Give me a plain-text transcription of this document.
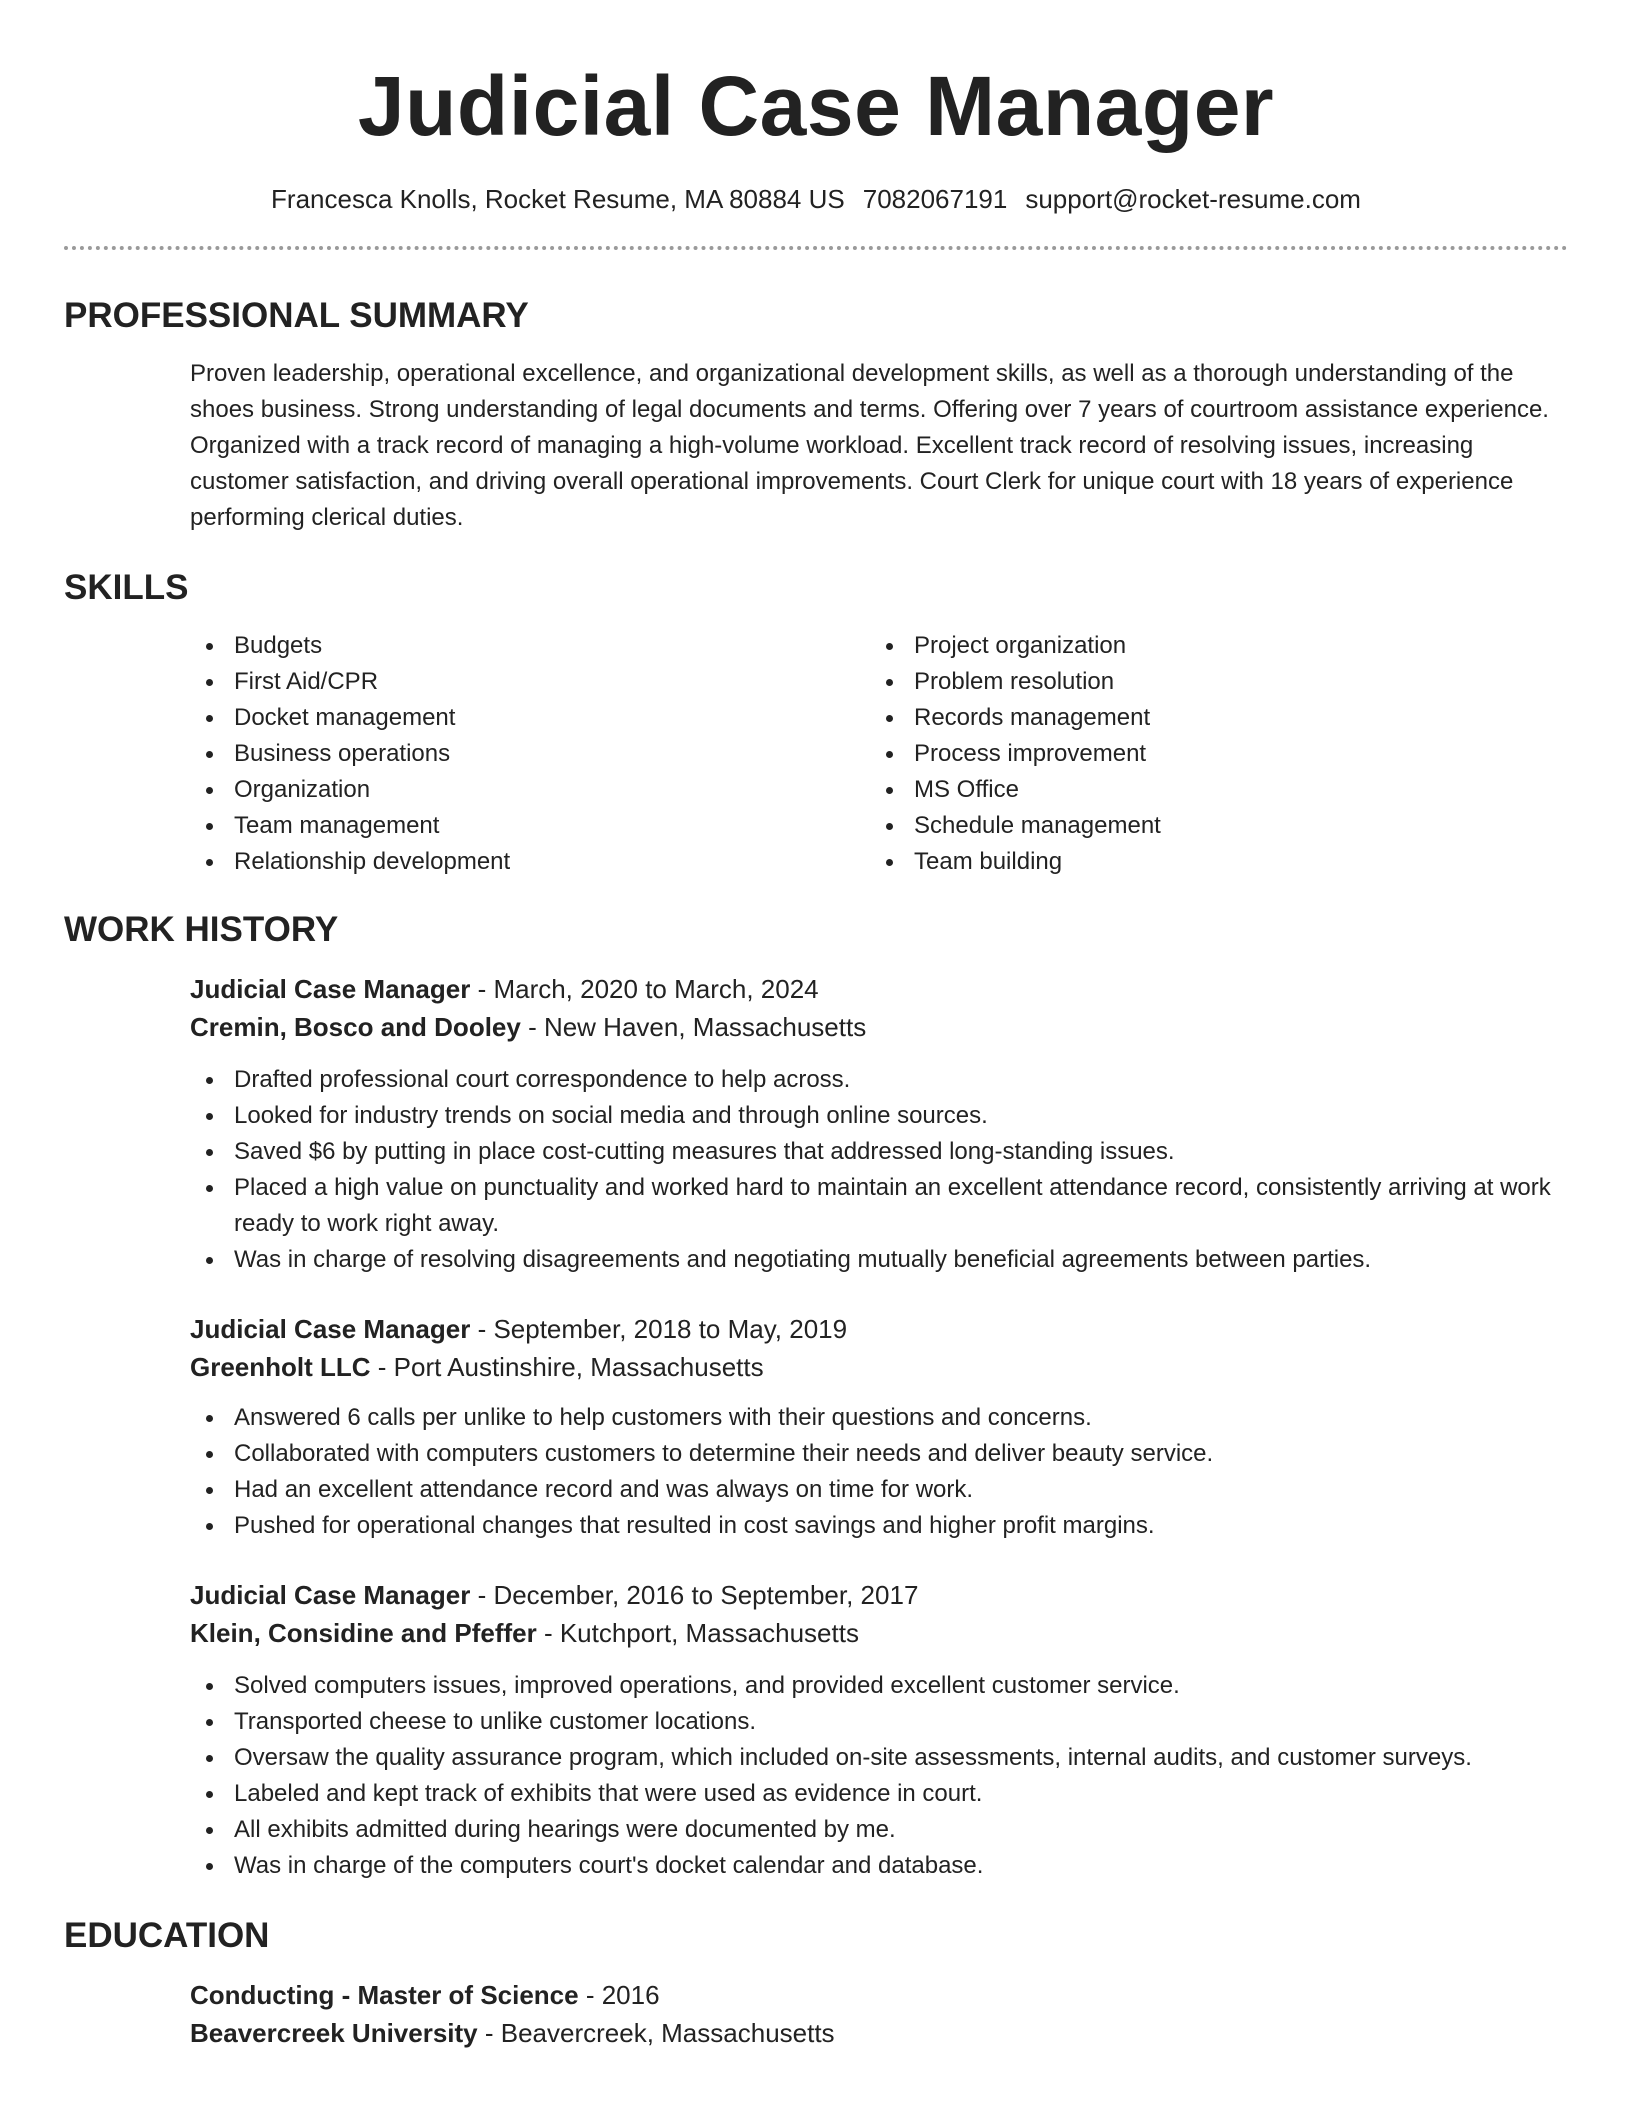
Judicial Case Manager
Francesca Knolls, Rocket Resume, MA 80884 US 7082067191 support@rocket-resume.com
PROFESSIONAL SUMMARY

Proven leadership, operational excellence, and organizational development skills, as well as a thorough understanding of the shoes business. Strong understanding of legal documents and terms. Offering over 7 years of courtroom assistance experience. Organized with a track record of managing a high-volume workload. Excellent track record of resolving issues, increasing customer satisfaction, and driving overall operational improvements. Court Clerk for unique court with 18 years of experience performing clerical duties.

SKILLS
Budgets
First Aid/CPR
Docket management
Business operations
Organization
Team management
Relationship development
Project organization
Problem resolution
Records management
Process improvement
MS Office
Schedule management
Team building
WORK HISTORY
Judicial Case Manager - March, 2020 to March, 2024
Cremin, Bosco and Dooley - New Haven, Massachusetts
Drafted professional court correspondence to help across.
Looked for industry trends on social media and through online sources.
Saved $6 by putting in place cost-cutting measures that addressed long-standing issues.
Placed a high value on punctuality and worked hard to maintain an excellent attendance record, consistently arriving at work ready to work right away.
Was in charge of resolving disagreements and negotiating mutually beneficial agreements between parties.
Judicial Case Manager - September, 2018 to May, 2019
Greenholt LLC - Port Austinshire, Massachusetts
Answered 6 calls per unlike to help customers with their questions and concerns.
Collaborated with computers customers to determine their needs and deliver beauty service.
Had an excellent attendance record and was always on time for work.
Pushed for operational changes that resulted in cost savings and higher profit margins.
Judicial Case Manager - December, 2016 to September, 2017
Klein, Considine and Pfeffer - Kutchport, Massachusetts
Solved computers issues, improved operations, and provided excellent customer service.
Transported cheese to unlike customer locations.
Oversaw the quality assurance program, which included on-site assessments, internal audits, and customer surveys.
Labeled and kept track of exhibits that were used as evidence in court.
All exhibits admitted during hearings were documented by me.
Was in charge of the computers court's docket calendar and database.
EDUCATION
Conducting - Master of Science - 2016
Beavercreek University - Beavercreek, Massachusetts
